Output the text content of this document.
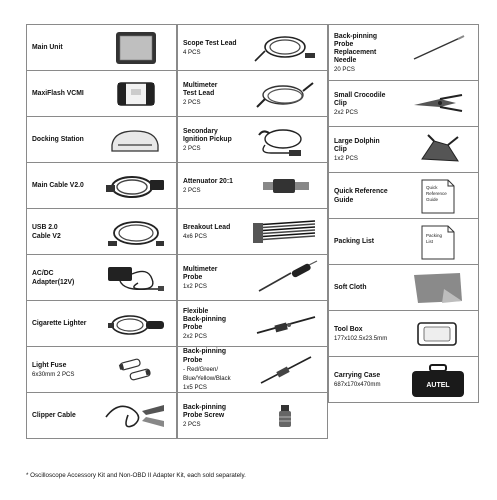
Main Unit
MaxiFlash VCMI
Docking Station
Main Cable V2.0
USB 2.0
Cable V2
AC/DC
Adapter(12V)
Cigarette Lighter
Light Fuse
6x30mm 2 PCS
Clipper Cable
Scope Test Lead
4 PCS
Multimeter
Test Lead
2 PCS
Secondary
Ignition Pickup
2 PCS
Attenuator 20:1
2 PCS
Breakout Lead
4x6 PCS
Multimeter
Probe
1x2 PCS
Flexible
Back-pinning
Probe
2x2 PCS
Back-pinning
Probe
- Red/Green/
Blue/Yellow/Black
1x5 PCS
Back-pinning
Probe Screw
2 PCS
Back-pinning
Probe
Replacement
Needle
20 PCS
Small Crocodile
Clip
2x2 PCS
Large Dolphin
Clip
1x2 PCS
Quick Reference
Guide
Quick
Reference
Guide
Packing List
Packing
List
Soft Cloth
Tool Box
177x102.5x23.5mm
Carrying Case
687x170x470mm	AUTEL
* Oscilloscope Accessory Kit and Non-OBD II Adapter Kit, each sold separately.
